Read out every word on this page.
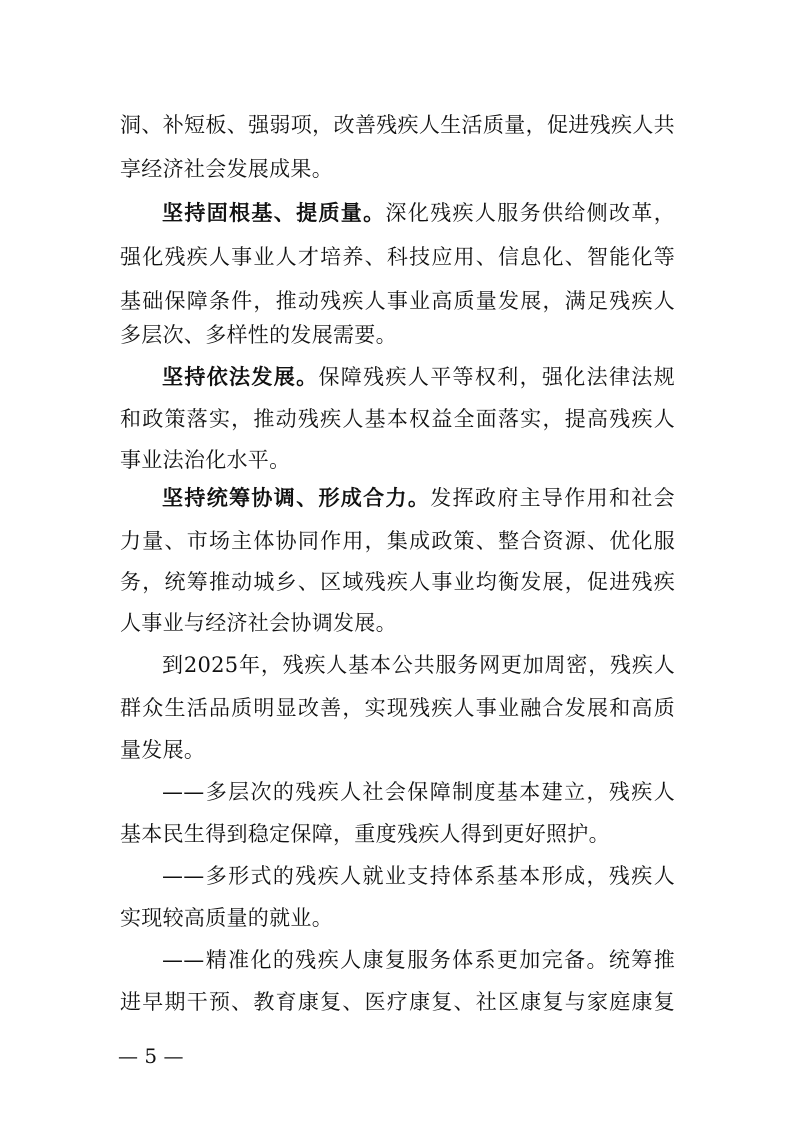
洞、补短板、强弱项，改善残疾人生活质量，促进残疾人共
享经济社会发展成果。
坚持固根基、提质量。深化残疾人服务供给侧改革，
强化残疾人事业人才培养、科技应用、信息化、智能化等
基础保障条件，推动残疾人事业高质量发展，满足残疾人
多层次、多样性的发展需要。
坚持依法发展。保障残疾人平等权利，强化法律法规
和政策落实，推动残疾人基本权益全面落实，提高残疾人
事业法治化水平。
坚持统筹协调、形成合力。发挥政府主导作用和社会
力量、市场主体协同作用，集成政策、整合资源、优化服
务，统筹推动城乡、区域残疾人事业均衡发展，促进残疾
人事业与经济社会协调发展。
到2025年，残疾人基本公共服务网更加周密，残疾人
群众生活品质明显改善，实现残疾人事业融合发展和高质
量发展。
——多层次的残疾人社会保障制度基本建立，残疾人
基本民生得到稳定保障，重度残疾人得到更好照护。
——多形式的残疾人就业支持体系基本形成，残疾人
实现较高质量的就业。
——精准化的残疾人康复服务体系更加完备。统筹推
进早期干预、教育康复、医疗康复、社区康复与家庭康复
— 5 —
